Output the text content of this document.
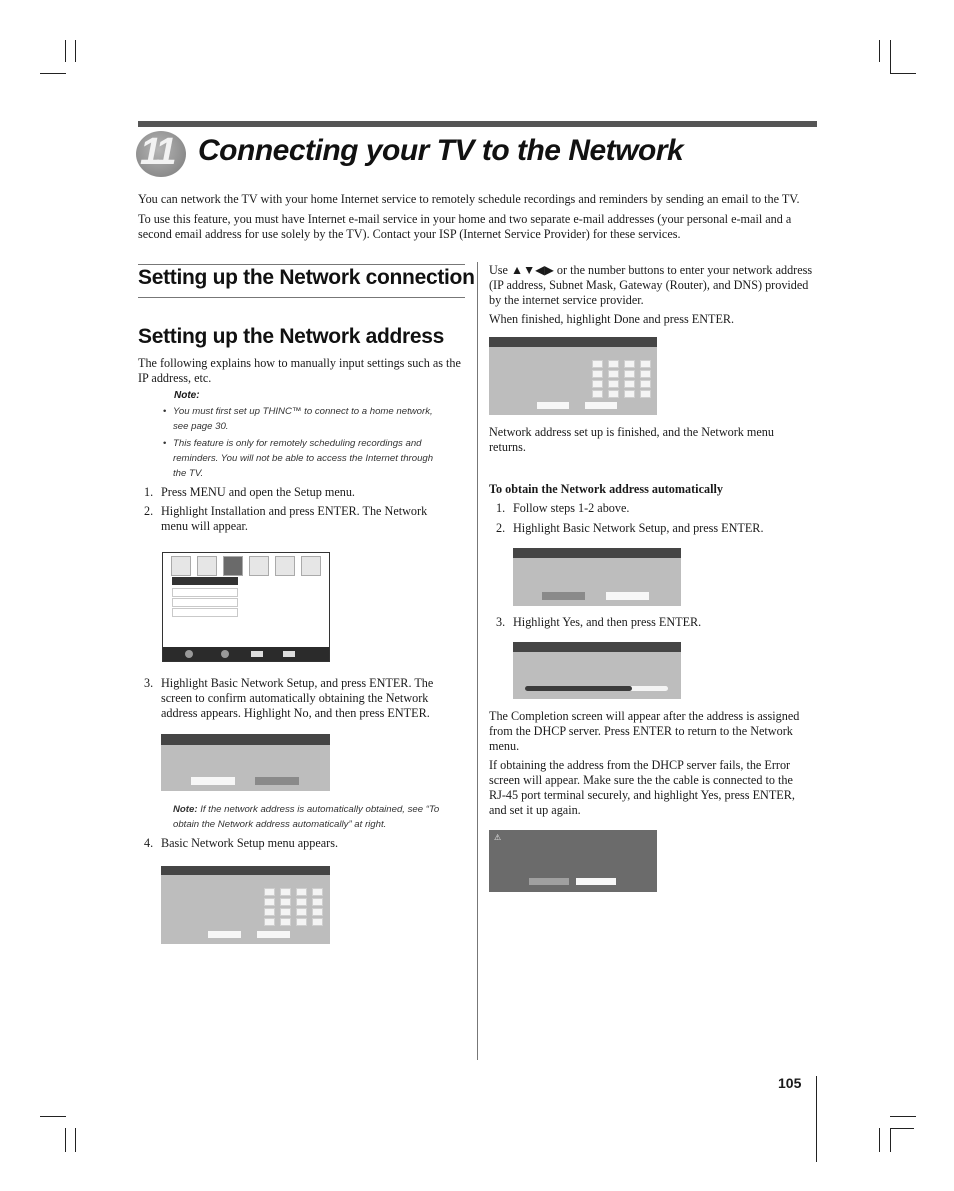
11 Connecting your TV to the Network
You can network the TV with your home Internet service to remotely schedule recordings and reminders by sending an email to the TV.
To use this feature, you must have Internet e-mail service in your home and two separate e-mail addresses (your personal e-mail and a second email address for use solely by the TV). Contact your ISP (Internet Service Provider) for these services.
Setting up the Network connection
Setting up the Network address
The following explains how to manually input settings such as the IP address, etc.
Note:
• You must first set up THINC™ to connect to a home network, see page 30.
• This feature is only for remotely scheduling recordings and reminders. You will not be able to access the Internet through the TV.
1. Press MENU and open the Setup menu.
2. Highlight Installation and press ENTER. The Network menu will appear.
3. Highlight Basic Network Setup, and press ENTER. The screen to confirm automatically obtaining the Network address appears. Highlight No, and then press ENTER.
Note: If the network address is automatically obtained, see “To obtain the Network address automatically” at right.
4. Basic Network Setup menu appears.
Use ▲▼◀▶ or the number buttons to enter your network address (IP address, Subnet Mask, Gateway (Router), and DNS) provided by the internet service provider.
When finished, highlight Done and press ENTER.
Network address set up is finished, and the Network menu returns.
To obtain the Network address automatically
1. Follow steps 1-2 above.
2. Highlight Basic Network Setup, and press ENTER.
3. Highlight Yes, and then press ENTER.
The Completion screen will appear after the address is assigned from the DHCP server. Press ENTER to return to the Network menu.
If obtaining the address from the DHCP server fails, the Error screen will appear. Make sure the the cable is connected to the RJ-45 port terminal securely, and highlight Yes, press ENTER, and set it up again.
⚠
105
